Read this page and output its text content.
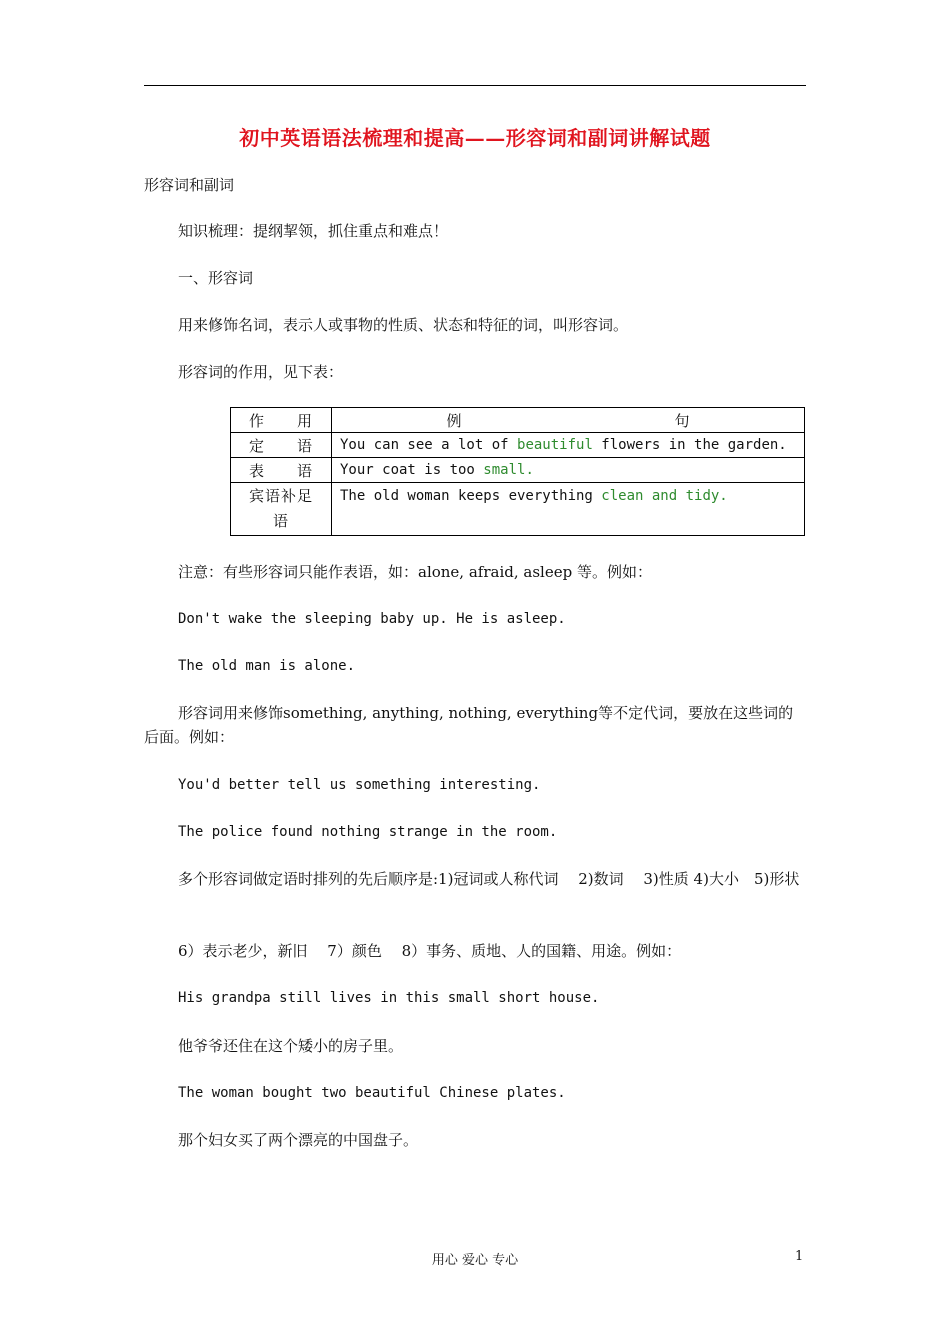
初中英语语法梳理和提高——形容词和副词讲解试题
形容词和副词
知识梳理：提纲挈领，抓住重点和难点！
一、形容词
用来修饰名词，表示人或事物的性质、状态和特征的词，叫形容词。
形容词的作用，见下表：
作　　用	例 句

定　　语	You can see a lot of beautiful flowers in the garden.
表　　语	Your coat is too small.
宾语补足语	The old woman keeps everything clean and tidy.
注意：有些形容词只能作表语，如：alone, afraid, asleep 等。例如：
Don't wake the sleeping baby up. He is asleep.
The old man is alone.
形容词用来修饰something, anything, nothing, everything等不定代词，要放在这些词的后面。例如：
You'd better tell us something interesting.
The police found nothing strange in the room.
多个形容词做定语时排列的先后顺序是:1)冠词或人称代词　 2)数词　 3)性质 4)大小　5)形状
6）表示老少，新旧　 7）颜色　 8）事务、质地、人的国籍、用途。例如：
His grandpa still lives in this small short house.
他爷爷还住在这个矮小的房子里。
The woman bought two beautiful Chinese plates.
那个妇女买了两个漂亮的中国盘子。
用心 爱心 专心	1
